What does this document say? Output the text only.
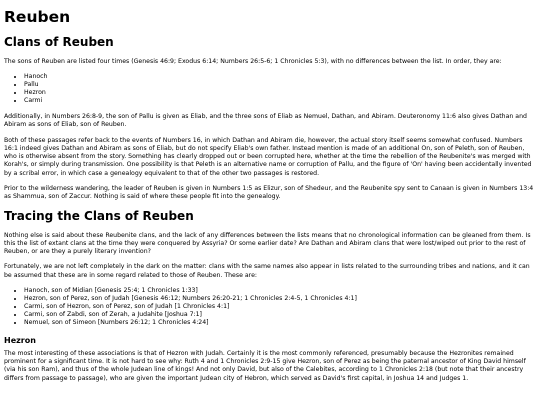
Reuben
Clans of Reuben

The sons of Reuben are listed four times (Genesis 46:9; Exodus 6:14; Numbers 26:5-6; 1 Chronicles 5:3), with no differences between the list. In order, they are:

• Hanoch
• Pallu
• Hezron
• Carmi

Additionally, in Numbers 26:8-9, the son of Pallu is given as Eliab, and the three sons of Eliab as Nemuel, Dathan, and Abiram. Deuteronomy 11:6 also gives Dathan and Abiram as sons of Eliab, son of Reuben.

Both of these passages refer back to the events of Numbers 16, in which Dathan and Abiram die, however, the actual story itself seems somewhat confused. Numbers 16:1 indeed gives Dathan and Abiram as sons of Eliab, but do not specify Eliab's own father. Instead mention is made of an additional On, son of Peleth, son of Reuben, who is otherwise absent from the story. Something has clearly dropped out or been corrupted here, whether at the time the rebellion of the Reubenite's was merged with Korah's, or simply during transmission. One possibility is that Peleth is an alternative name or corruption of Pallu, and the figure of 'On' having been accidentally invented by a scribal error, in which case a genealogy equivalent to that of the other two passages is restored.

Prior to the wilderness wandering, the leader of Reuben is given in Numbers 1:5 as Elizur, son of Shedeur, and the Reubenite spy sent to Canaan is given in Numbers 13:4 as Shammua, son of Zaccur. Nothing is said of where these people fit into the genealogy.

Tracing the Clans of Reuben

Nothing else is said about these Reubenite clans, and the lack of any differences between the lists means that no chronological information can be gleaned from them. Is this the list of extant clans at the time they were conquered by Assyria? Or some earlier date? Are Dathan and Abiram clans that were lost/wiped out prior to the rest of Reuben, or are they a purely literary invention?

Fortunately, we are not left completely in the dark on the matter: clans with the same names also appear in lists related to the surrounding tribes and nations, and it can be assumed that these are in some regard related to those of Reuben. These are:

• Hanoch, son of Midian [Genesis 25:4; 1 Chronicles 1:33]
• Hezron, son of Perez, son of Judah [Genesis 46:12; Numbers 26:20-21; 1 Chronicles 2:4-5, 1 Chronicles 4:1]
• Carmi, son of Hezron, son of Perez, son of Judah [1 Chronicles 4:1]
• Carmi, son of Zabdi, son of Zerah, a Judahite [Joshua 7:1]
• Nemuel, son of Simeon [Numbers 26:12; 1 Chronicles 4:24]
Hezron

The most interesting of these associations is that of Hezron with Judah. Certainly it is the most commonly referenced, presumably because the Hezronites remained prominent for a significant time. It is not hard to see why: Ruth 4 and 1 Chronicles 2:9-15 give Hezron, son of Perez as being the paternal ancestor of King David himself (via his son Ram), and thus of the whole Judean line of kings! And not only David, but also of the Calebites, according to 1 Chronicles 2:18 (but note that their ancestry differs from passage to passage), who are given the important Judean city of Hebron, which served as David's first capital, in Joshua 14 and Judges 1.
